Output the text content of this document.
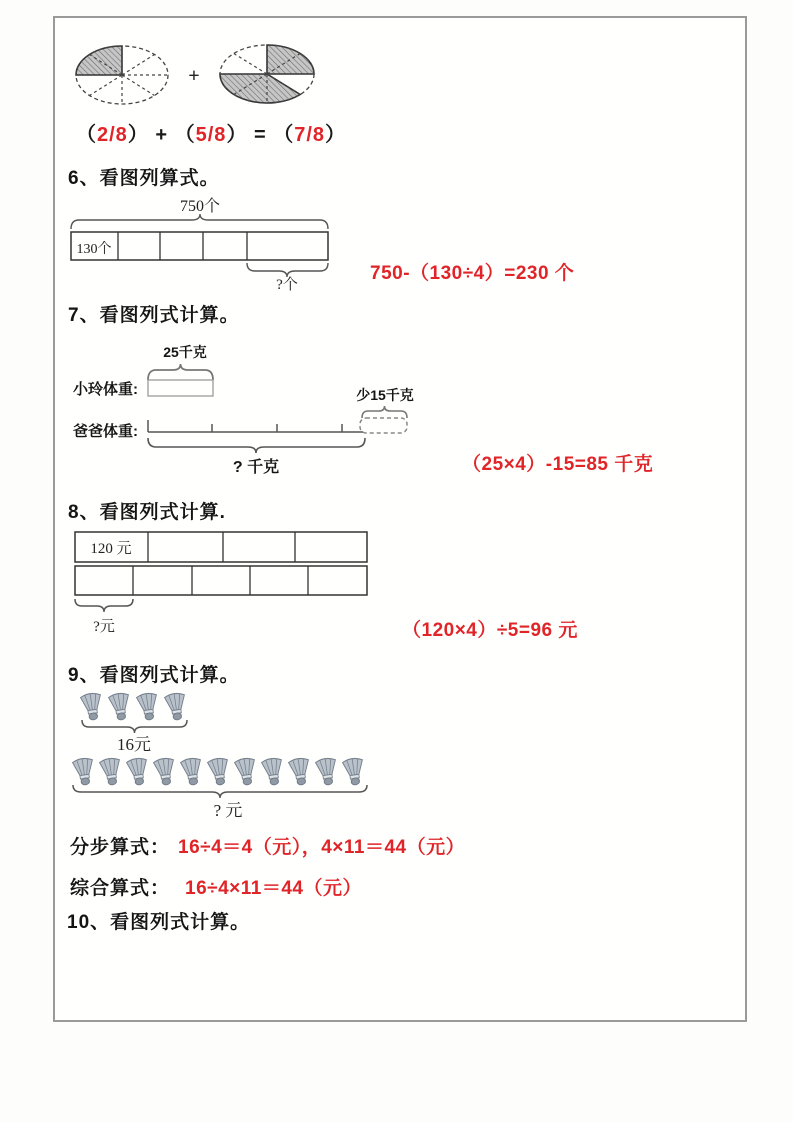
+
（2/8） + （5/8） = （7/8）
6、看图列算式。
750个
130个
?个
750-（130÷4）=230 个
7、看图列式计算。
25千克
小玲体重:	少15千克
爸爸体重:
? 千克	（25×4）-15=85 千克
8、看图列式计算.
120 元
?元	（120×4）÷5=96 元
9、看图列式计算。
16元
? 元
分步算式： 16÷4＝4（元），4×11＝44（元）
综合算式： 16÷4×11＝44（元）
10、看图列式计算。
